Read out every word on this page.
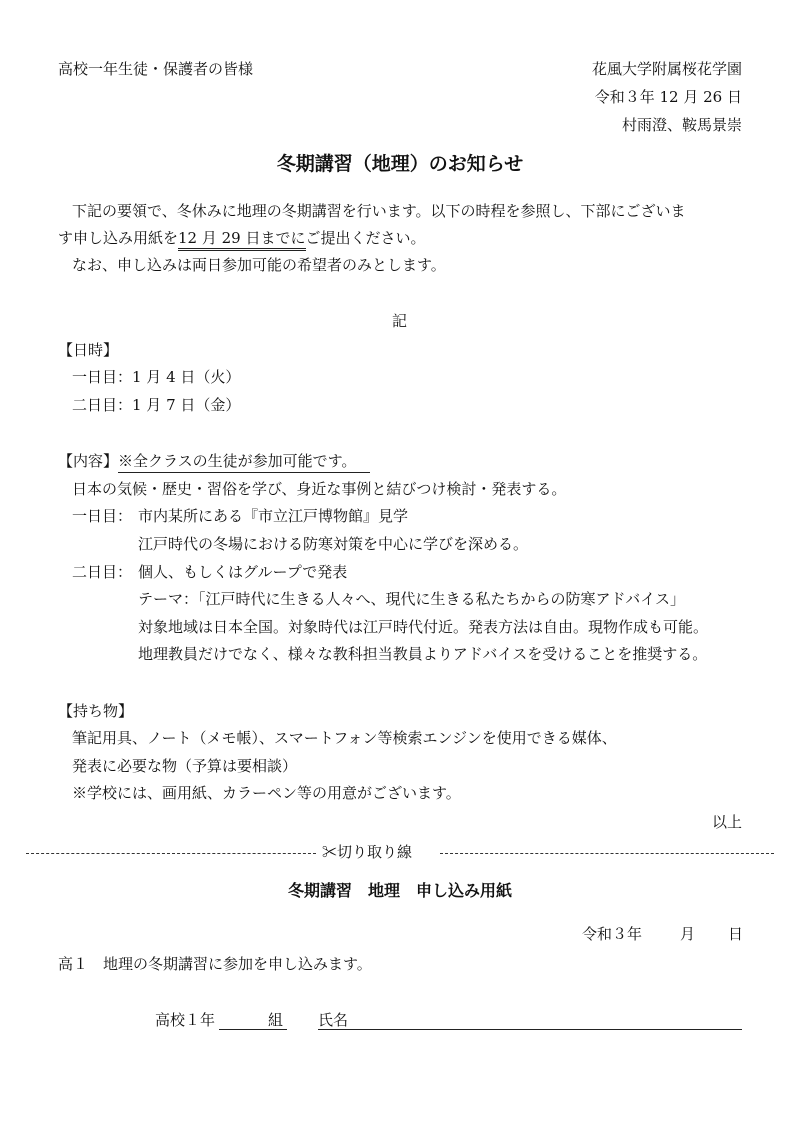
高校一年生徒・保護者の皆様	花風大学附属桜花学園
令和３年 12 月 26 日
村雨澄、鞍馬景崇
冬期講習（地理）のお知らせ
下記の要領で、冬休みに地理の冬期講習を行います。以下の時程を参照し、下部にございま
す申し込み用紙を12 月 29 日までにご提出ください。
なお、申し込みは両日参加可能の希望者のみとします。
記
【日時】
一日目：1 月 4 日（火）
二日目：1 月 7 日（金）
【内容】※全クラスの生徒が参加可能です。
日本の気候・歴史・習俗を学び、身近な事例と結びつけ検討・発表する。
一日目： 市内某所にある『市立江戸博物館』見学
江戸時代の冬場における防寒対策を中心に学びを深める。
二日目： 個人、もしくはグループで発表
テーマ：「江戸時代に生きる人々へ、現代に生きる私たちからの防寒アドバイス」
対象地域は日本全国。対象時代は江戸時代付近。発表方法は自由。現物作成も可能。
地理教員だけでなく、様々な教科担当教員よりアドバイスを受けることを推奨する。
【持ち物】
筆記用具、ノート（メモ帳）、スマートフォン等検索エンジンを使用できる媒体、
発表に必要な物（予算は要相談）
※学校には、画用紙、カラーペン等の用意がございます。
以上
✂切り取り線
冬期講習　地理　申し込み用紙
令和３年	月 日
高１　地理の冬期講習に参加を申し込みます。
高校１年	組 氏名
